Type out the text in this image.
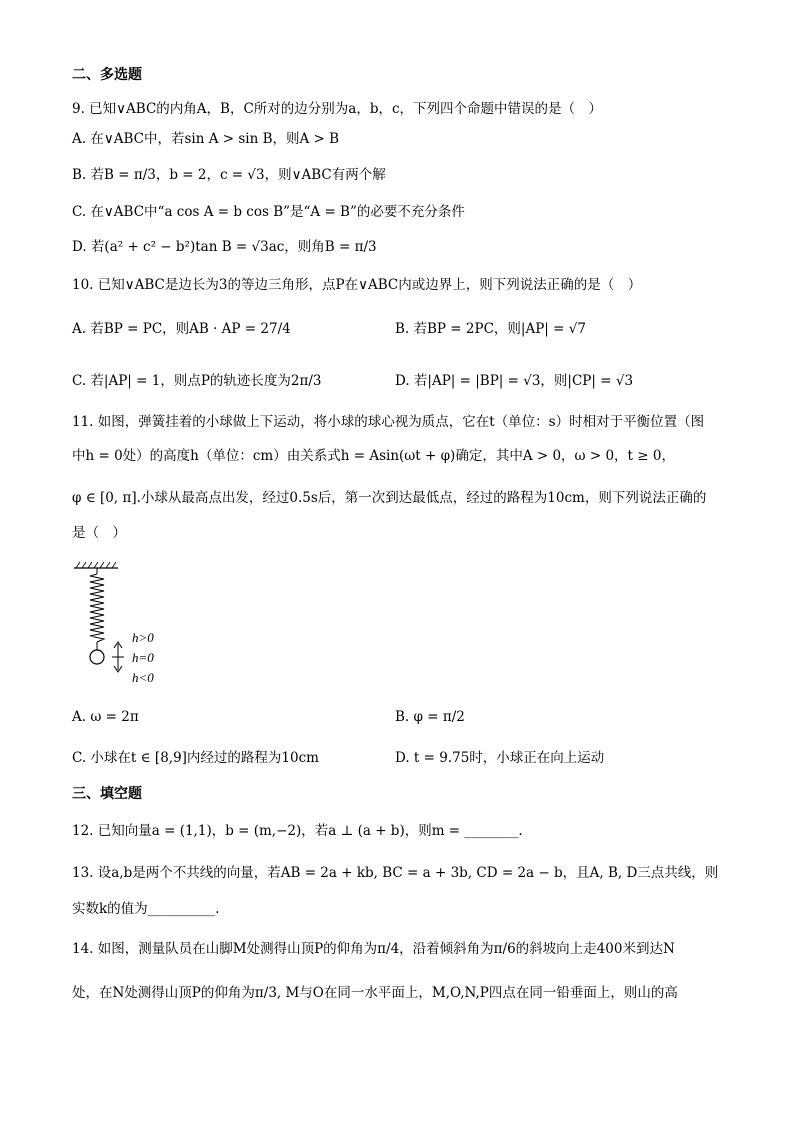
二、多选题
9. 已知∨ABC的内角A，B，C所对的边分别为a，b，c，下列四个命题中错误的是（　）
A. 在∨ABC中，若sin A > sin B，则A > B
B. 若B = π/3，b = 2，c = √3，则∨ABC有两个解
C. 在∨ABC中“a cos A = b cos B”是“A = B”的必要不充分条件
D. 若(a² + c² − b²)tan B = √3ac，则角B = π/3
10. 已知∨ABC是边长为3的等边三角形，点P在∨ABC内或边界上，则下列说法正确的是（　）
A. 若BP = PC，则AB · AP = 27/4	B. 若BP = 2PC，则|AP| = √7
C. 若|AP| = 1，则点P的轨迹长度为2π/3	D. 若|AP| = |BP| = √3，则|CP| = √3
11. 如图，弹簧挂着的小球做上下运动，将小球的球心视为质点，它在t（单位：s）时相对于平衡位置（图
中h = 0处）的高度h（单位：cm）由关系式h = Asin(ωt + φ)确定，其中A > 0，ω > 0，t ≥ 0，
φ ∈ [0, π].小球从最高点出发，经过0.5s后，第一次到达最低点，经过的路程为10cm，则下列说法正确的
是（　）
h>0
h=0
h<0
A. ω = 2π	B. φ = π/2
C. 小球在t ∈ [8,9]内经过的路程为10cm	D. t = 9.75时，小球正在向上运动
三、填空题
12. 已知向量a = (1,1)，b = (m,−2)，若a ⊥ (a + b)，则m = ________.
13. 设a,b是两个不共线的向量，若AB = 2a + kb, BC = a + 3b, CD = 2a − b，且A, B, D三点共线，则
实数k的值为__________.
14. 如图，测量队员在山脚M处测得山顶P的仰角为π/4，沿着倾斜角为π/6的斜坡向上走400米到达N
处，在N处测得山顶P的仰角为π/3, M与O在同一水平面上，M,O,N,P四点在同一铅垂面上，则山的高
